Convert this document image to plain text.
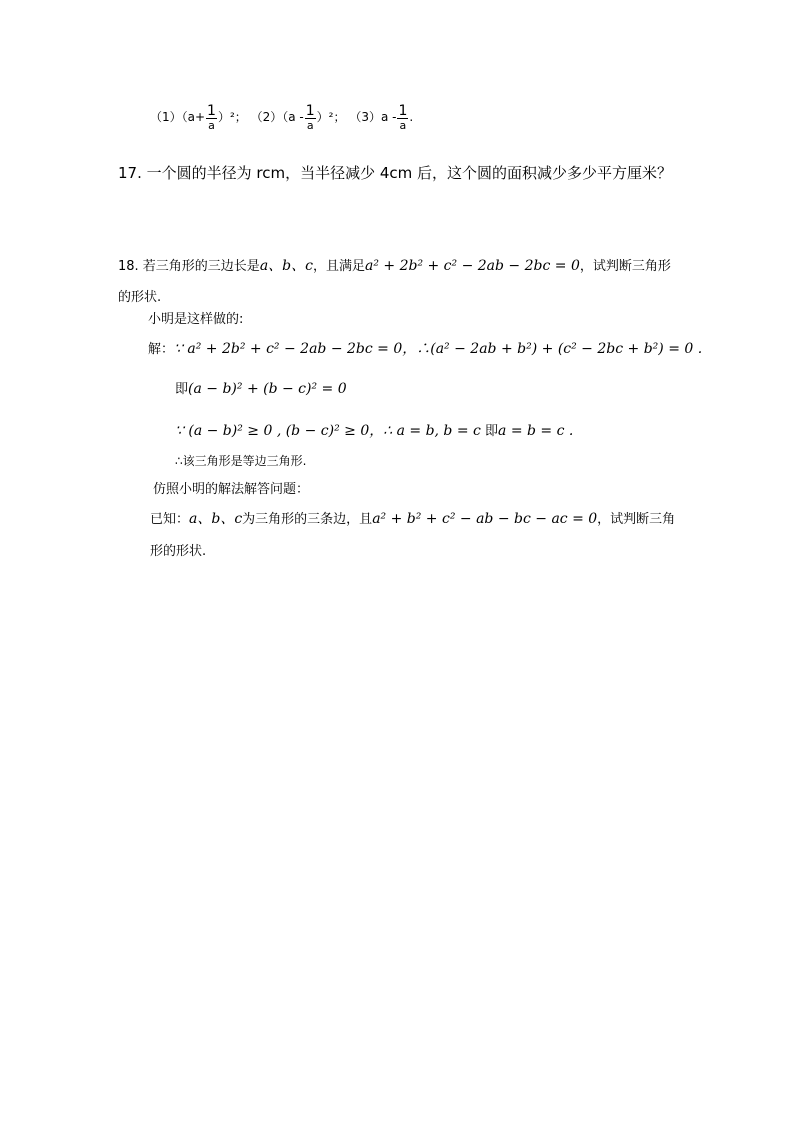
$(1)(a+ \frac{1}{a} )^2$； $(2)(a - \frac{1}{a} )^2$； $(3)a - \frac{1}{a}$ .
17. 一个圆的半径为 rcm，当半径减少 4cm 后，这个圆的面积减少多少平方厘米？
18. 若三角形的三边长是a、b、c，且满足a² + 2b² + c² − 2ab − 2bc = 0，试判断三角形
的形状.
小明是这样做的:
解：∵ a² + 2b² + c² − 2ab − 2bc = 0，∴(a² − 2ab + b²) + (c² − 2bc + b²) = 0 .
即(a − b)² + (b − c)² = 0
∵ (a − b)² ≥ 0 , (b − c)² ≥ 0，∴ a = b, b = c 即a = b = c .
∴该三角形是等边三角形.
仿照小明的解法解答问题：
已知：a、b、c为三角形的三条边，且a² + b² + c² − ab − bc − ac = 0，试判断三角
形的形状.
